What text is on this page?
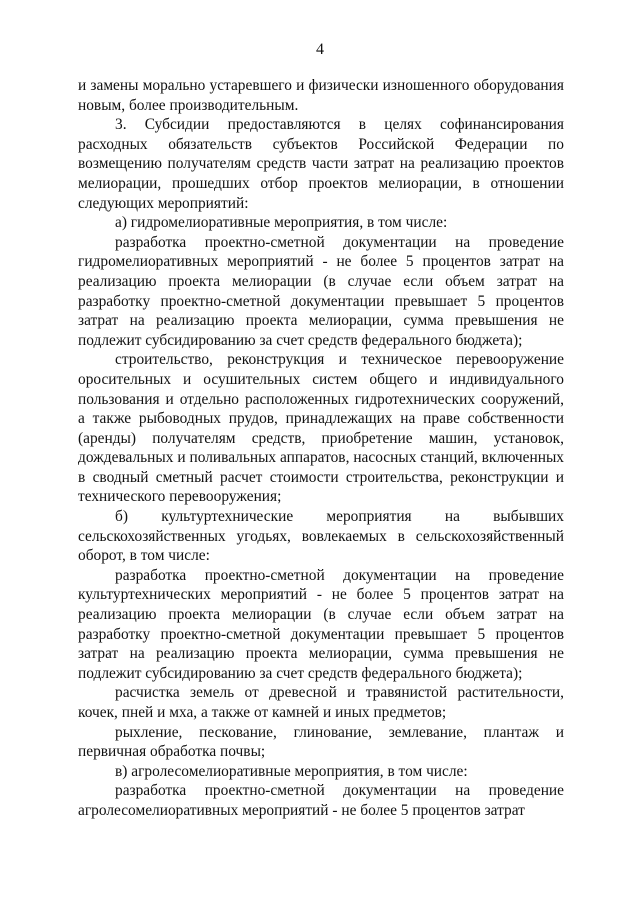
4

и замены морально устаревшего и физически изношенного оборудования новым, более производительным.

3. Субсидии предоставляются в целях софинансирования расходных обязательств субъектов Российской Федерации по возмещению получателям средств части затрат на реализацию проектов мелиорации, прошедших отбор проектов мелиорации, в отношении следующих мероприятий:

а) гидромелиоративные мероприятия, в том числе:

разработка проектно-сметной документации на проведение гидромелиоративных мероприятий - не более 5 процентов затрат на реализацию проекта мелиорации (в случае если объем затрат на разработку проектно-сметной документации превышает 5 процентов затрат на реализацию проекта мелиорации, сумма превышения не подлежит субсидированию за счет средств федерального бюджета);

строительство, реконструкция и техническое перевооружение оросительных и осушительных систем общего и индивидуального пользования и отдельно расположенных гидротехнических сооружений, а также рыбоводных прудов, принадлежащих на праве собственности (аренды) получателям средств, приобретение машин, установок, дождевальных и поливальных аппаратов, насосных станций, включенных в сводный сметный расчет стоимости строительства, реконструкции и технического перевооружения;

б) культуртехнические мероприятия на выбывших сельскохозяйственных угодьях, вовлекаемых в сельскохозяйственный оборот, в том числе:

разработка проектно-сметной документации на проведение культуртехнических мероприятий - не более 5 процентов затрат на реализацию проекта мелиорации (в случае если объем затрат на разработку проектно-сметной документации превышает 5 процентов затрат на реализацию проекта мелиорации, сумма превышения не подлежит субсидированию за счет средств федерального бюджета);

расчистка земель от древесной и травянистой растительности, кочек, пней и мха, а также от камней и иных предметов;

рыхление, пескование, глинование, землевание, плантаж и первичная обработка почвы;

в) агролесомелиоративные мероприятия, в том числе:

разработка проектно-сметной документации на проведение агролесомелиоративных мероприятий - не более 5 процентов затрат
